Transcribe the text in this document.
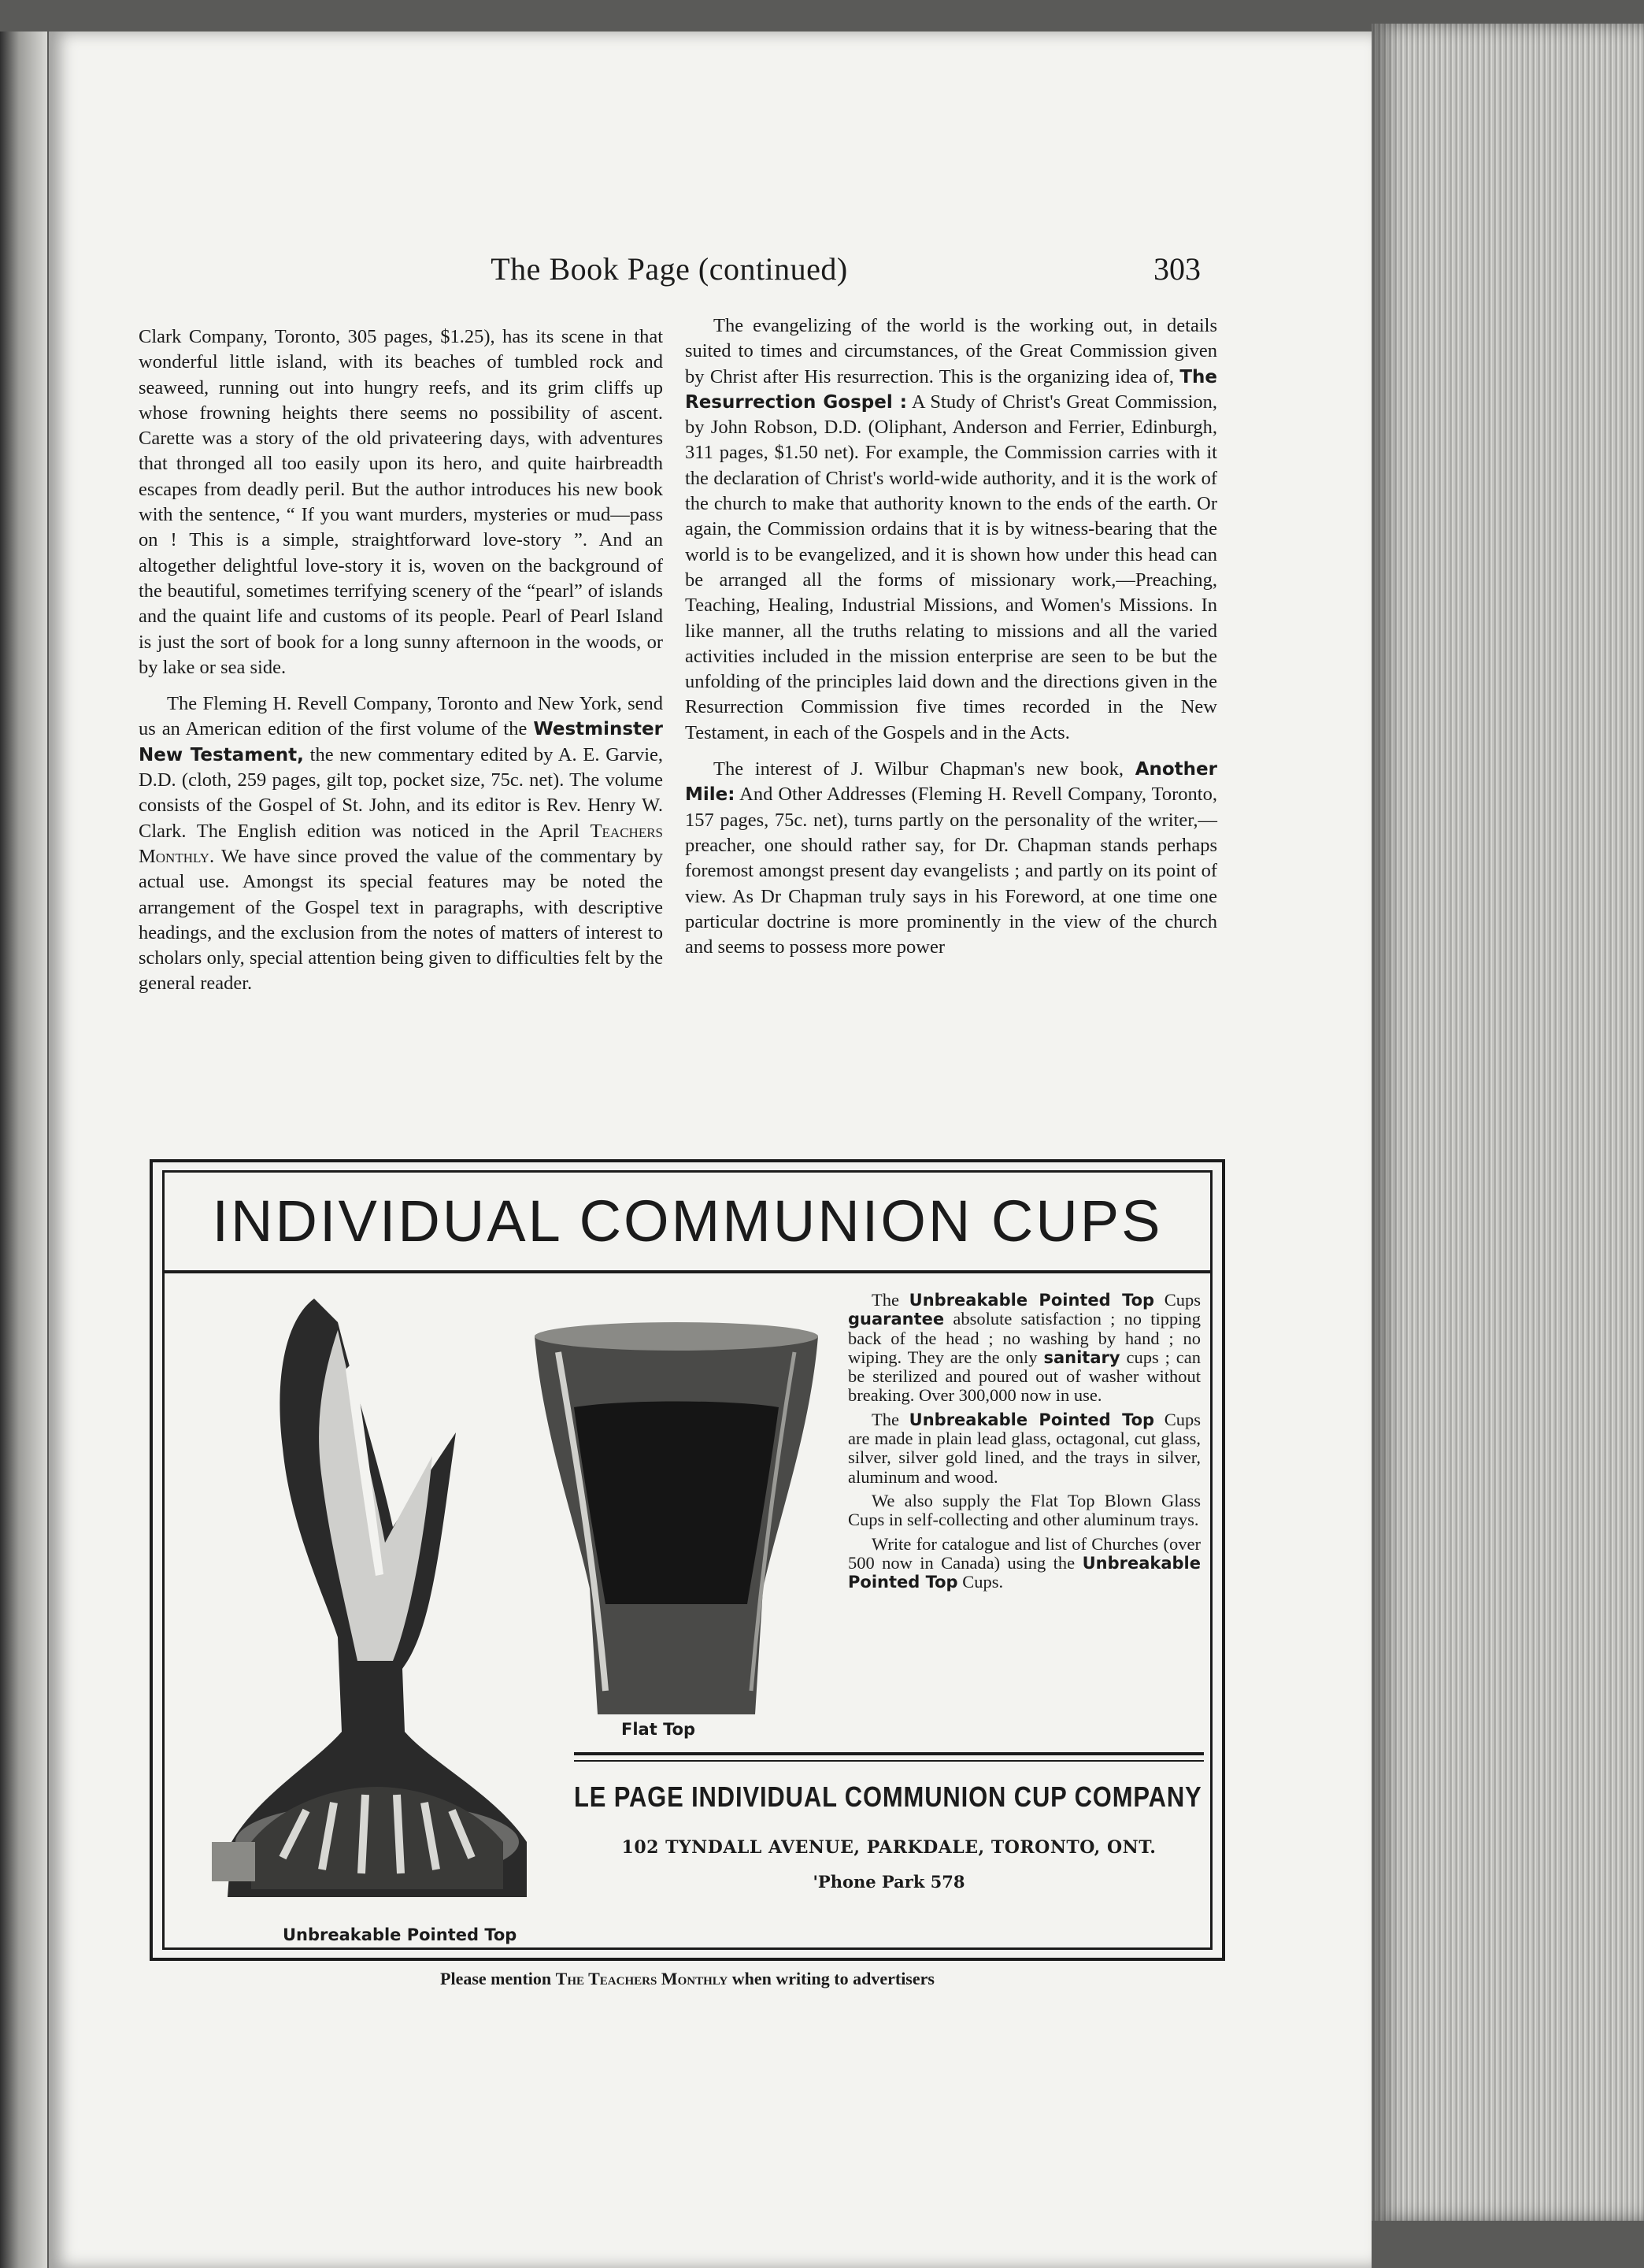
The Book Page (continued)	303

Clark Company, Toronto, 305 pages, $1.25), has its scene in that wonderful little island, with its beaches of tumbled rock and seaweed, running out into hungry reefs, and its grim cliffs up whose frowning heights there seems no possibility of ascent. Carette was a story of the old privateering days, with adventures that thronged all too easily upon its hero, and quite hairbreadth escapes from deadly peril. But the author introduces his new book with the sentence, “ If you want murders, mysteries or mud—pass on ! This is a simple, straightforward love-story ”. And an altogether delightful love-story it is, woven on the background of the beautiful, sometimes terrifying scenery of the “pearl” of islands and the quaint life and customs of its people. Pearl of Pearl Island is just the sort of book for a long sunny afternoon in the woods, or by lake or sea side.

The Fleming H. Revell Company, Toronto and New York, send us an American edition of the first volume of the Westminster New Testament, the new commentary edited by A. E. Garvie, D.D. (cloth, 259 pages, gilt top, pocket size, 75c. net). The volume consists of the Gospel of St. John, and its editor is Rev. Henry W. Clark. The English edition was noticed in the April Teachers Monthly. We have since proved the value of the commentary by actual use. Amongst its special features may be noted the arrangement of the Gospel text in paragraphs, with descriptive headings, and the exclusion from the notes of matters of interest to scholars only, special attention being given to difficulties felt by the general reader.

The evangelizing of the world is the working out, in details suited to times and circumstances, of the Great Commission given by Christ after His resurrection. This is the organizing idea of, The Resurrection Gospel : A Study of Christ's Great Commission, by John Robson, D.D. (Oliphant, Anderson and Ferrier, Edinburgh, 311 pages, $1.50 net). For example, the Commission carries with it the declaration of Christ's world-wide authority, and it is the work of the church to make that authority known to the ends of the earth. Or again, the Commission ordains that it is by witness-bearing that the world is to be evangelized, and it is shown how under this head can be arranged all the forms of missionary work,—Preaching, Teaching, Healing, Industrial Missions, and Women's Missions. In like manner, all the truths relating to missions and all the varied activities included in the mission enterprise are seen to be but the unfolding of the principles laid down and the directions given in the Resurrection Commission five times recorded in the New Testament, in each of the Gospels and in the Acts.

The interest of J. Wilbur Chapman's new book, Another Mile: And Other Addresses (Fleming H. Revell Company, Toronto, 157 pages, 75c. net), turns partly on the personality of the writer,—preacher, one should rather say, for Dr. Chapman stands perhaps foremost amongst present day evangelists ; and partly on its point of view. As Dr Chapman truly says in his Foreword, at one time one particular doctrine is more prominently in the view of the church and seems to possess more power

INDIVIDUAL COMMUNION CUPS
Flat Top
Unbreakable Pointed Top

The Unbreakable Pointed Top Cups guarantee absolute satisfaction ; no tipping back of the head ; no washing by hand ; no wiping. They are the only sanitary cups ; can be sterilized and poured out of washer without breaking. Over 300,000 now in use.

The Unbreakable Pointed Top Cups are made in plain lead glass, octagonal, cut glass, silver, silver gold lined, and the trays in silver, aluminum and wood.

We also supply the Flat Top Blown Glass Cups in self-collecting and other aluminum trays.

Write for catalogue and list of Churches (over 500 now in Canada) using the Unbreakable Pointed Top Cups.

LE PAGE INDIVIDUAL COMMUNION CUP COMPANY
102 TYNDALL AVENUE, PARKDALE, TORONTO, ONT.
'Phone Park 578
Please mention The Teachers Monthly when writing to advertisers
